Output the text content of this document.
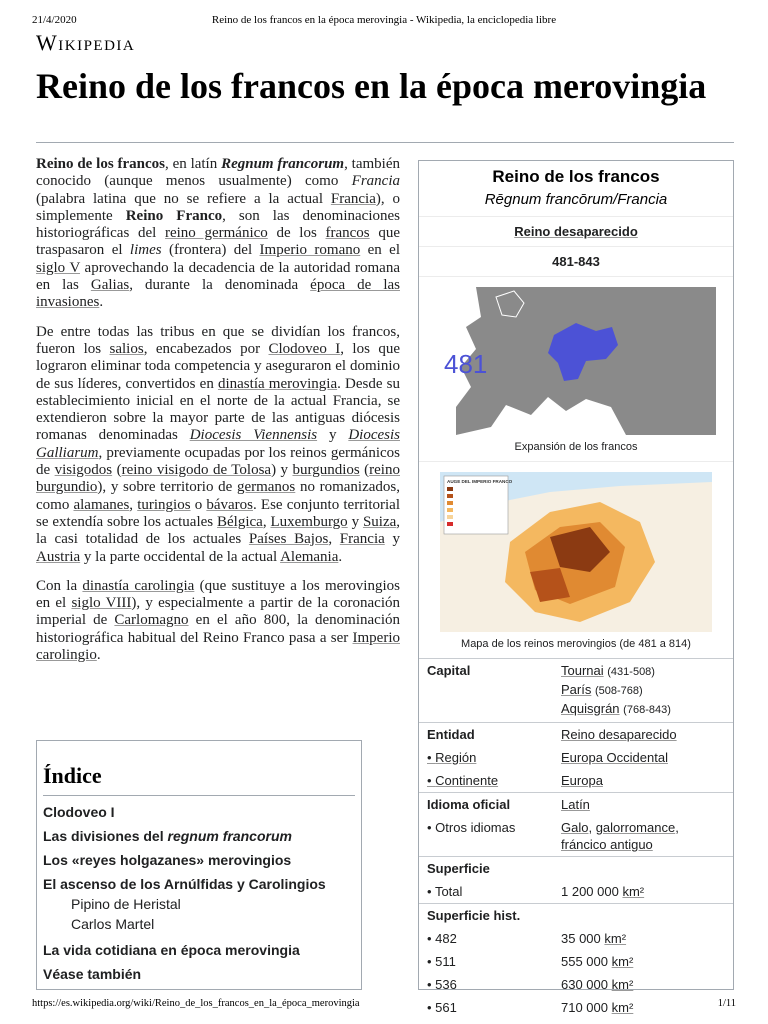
21/4/2020	Reino de los francos en la época merovingia - Wikipedia, la enciclopedia libre
Wikipedia
Reino de los francos en la época merovingia

Reino de los francos, en latín Regnum francorum, también conocido (aunque menos usualmente) como Francia (palabra latina que no se refiere a la actual Francia), o simplemente Reino Franco, son las denominaciones historiográficas del reino germánico de los francos que traspasaron el limes (frontera) del Imperio romano en el siglo V aprovechando la decadencia de la autoridad romana en las Galias, durante la denominada época de las invasiones.

De entre todas las tribus en que se dividían los francos, fueron los salios, encabezados por Clodoveo I, los que lograron eliminar toda competencia y aseguraron el dominio de sus líderes, convertidos en dinastía merovingia. Desde su establecimiento inicial en el norte de la actual Francia, se extendieron sobre la mayor parte de las antiguas diócesis romanas denominadas Diocesis Viennensis y Diocesis Galliarum, previamente ocupadas por los reinos germánicos de visigodos (reino visigodo de Tolosa) y burgundios (reino burgundio), y sobre territorio de germanos no romanizados, como alamanes, turingios o bávaros. Ese conjunto territorial se extendía sobre los actuales Bélgica, Luxemburgo y Suiza, la casi totalidad de los actuales Países Bajos, Francia y Austria y la parte occidental de la actual Alemania.

Con la dinastía carolingia (que sustituye a los merovingios en el siglo VIII), y especialmente a partir de la coronación imperial de Carlomagno en el año 800, la denominación historiográfica habitual del Reino Franco pasa a ser Imperio carolingio.

Índice
Clodoveo I
Las divisiones del regnum francorum
Los «reyes holgazanes» merovingios
El ascenso de los Arnúlfidas y Carolingios
Pipino de Heristal
Carlos Martel
La vida cotidiana en época merovingia
Véase también
Reino de los francos
Rēgnum francōrum/Francia
Reino desaparecido
481-843
481
Expansión de los francos
AUGE DEL IMPERIO FRANCO
Mapa de los reinos merovingios (de 481 a 814)
Capital	Tournai (431-508)
París (508-768)
Aquisgrán (768-843)

Entidad	Reino desaparecido
• Región	Europa Occidental
• Continente	Europa
Idioma oficial	Latín
• Otros idiomas	Galo, galorromance,
fráncico antiguo
Superficie	
• Total	1 200 000 km²
Superficie hist.	
• 482	35 000 km²
• 511	555 000 km²
• 536	630 000 km²
• 561	710 000 km²
https://es.wikipedia.org/wiki/Reino_de_los_francos_en_la_época_merovingia	1/11
